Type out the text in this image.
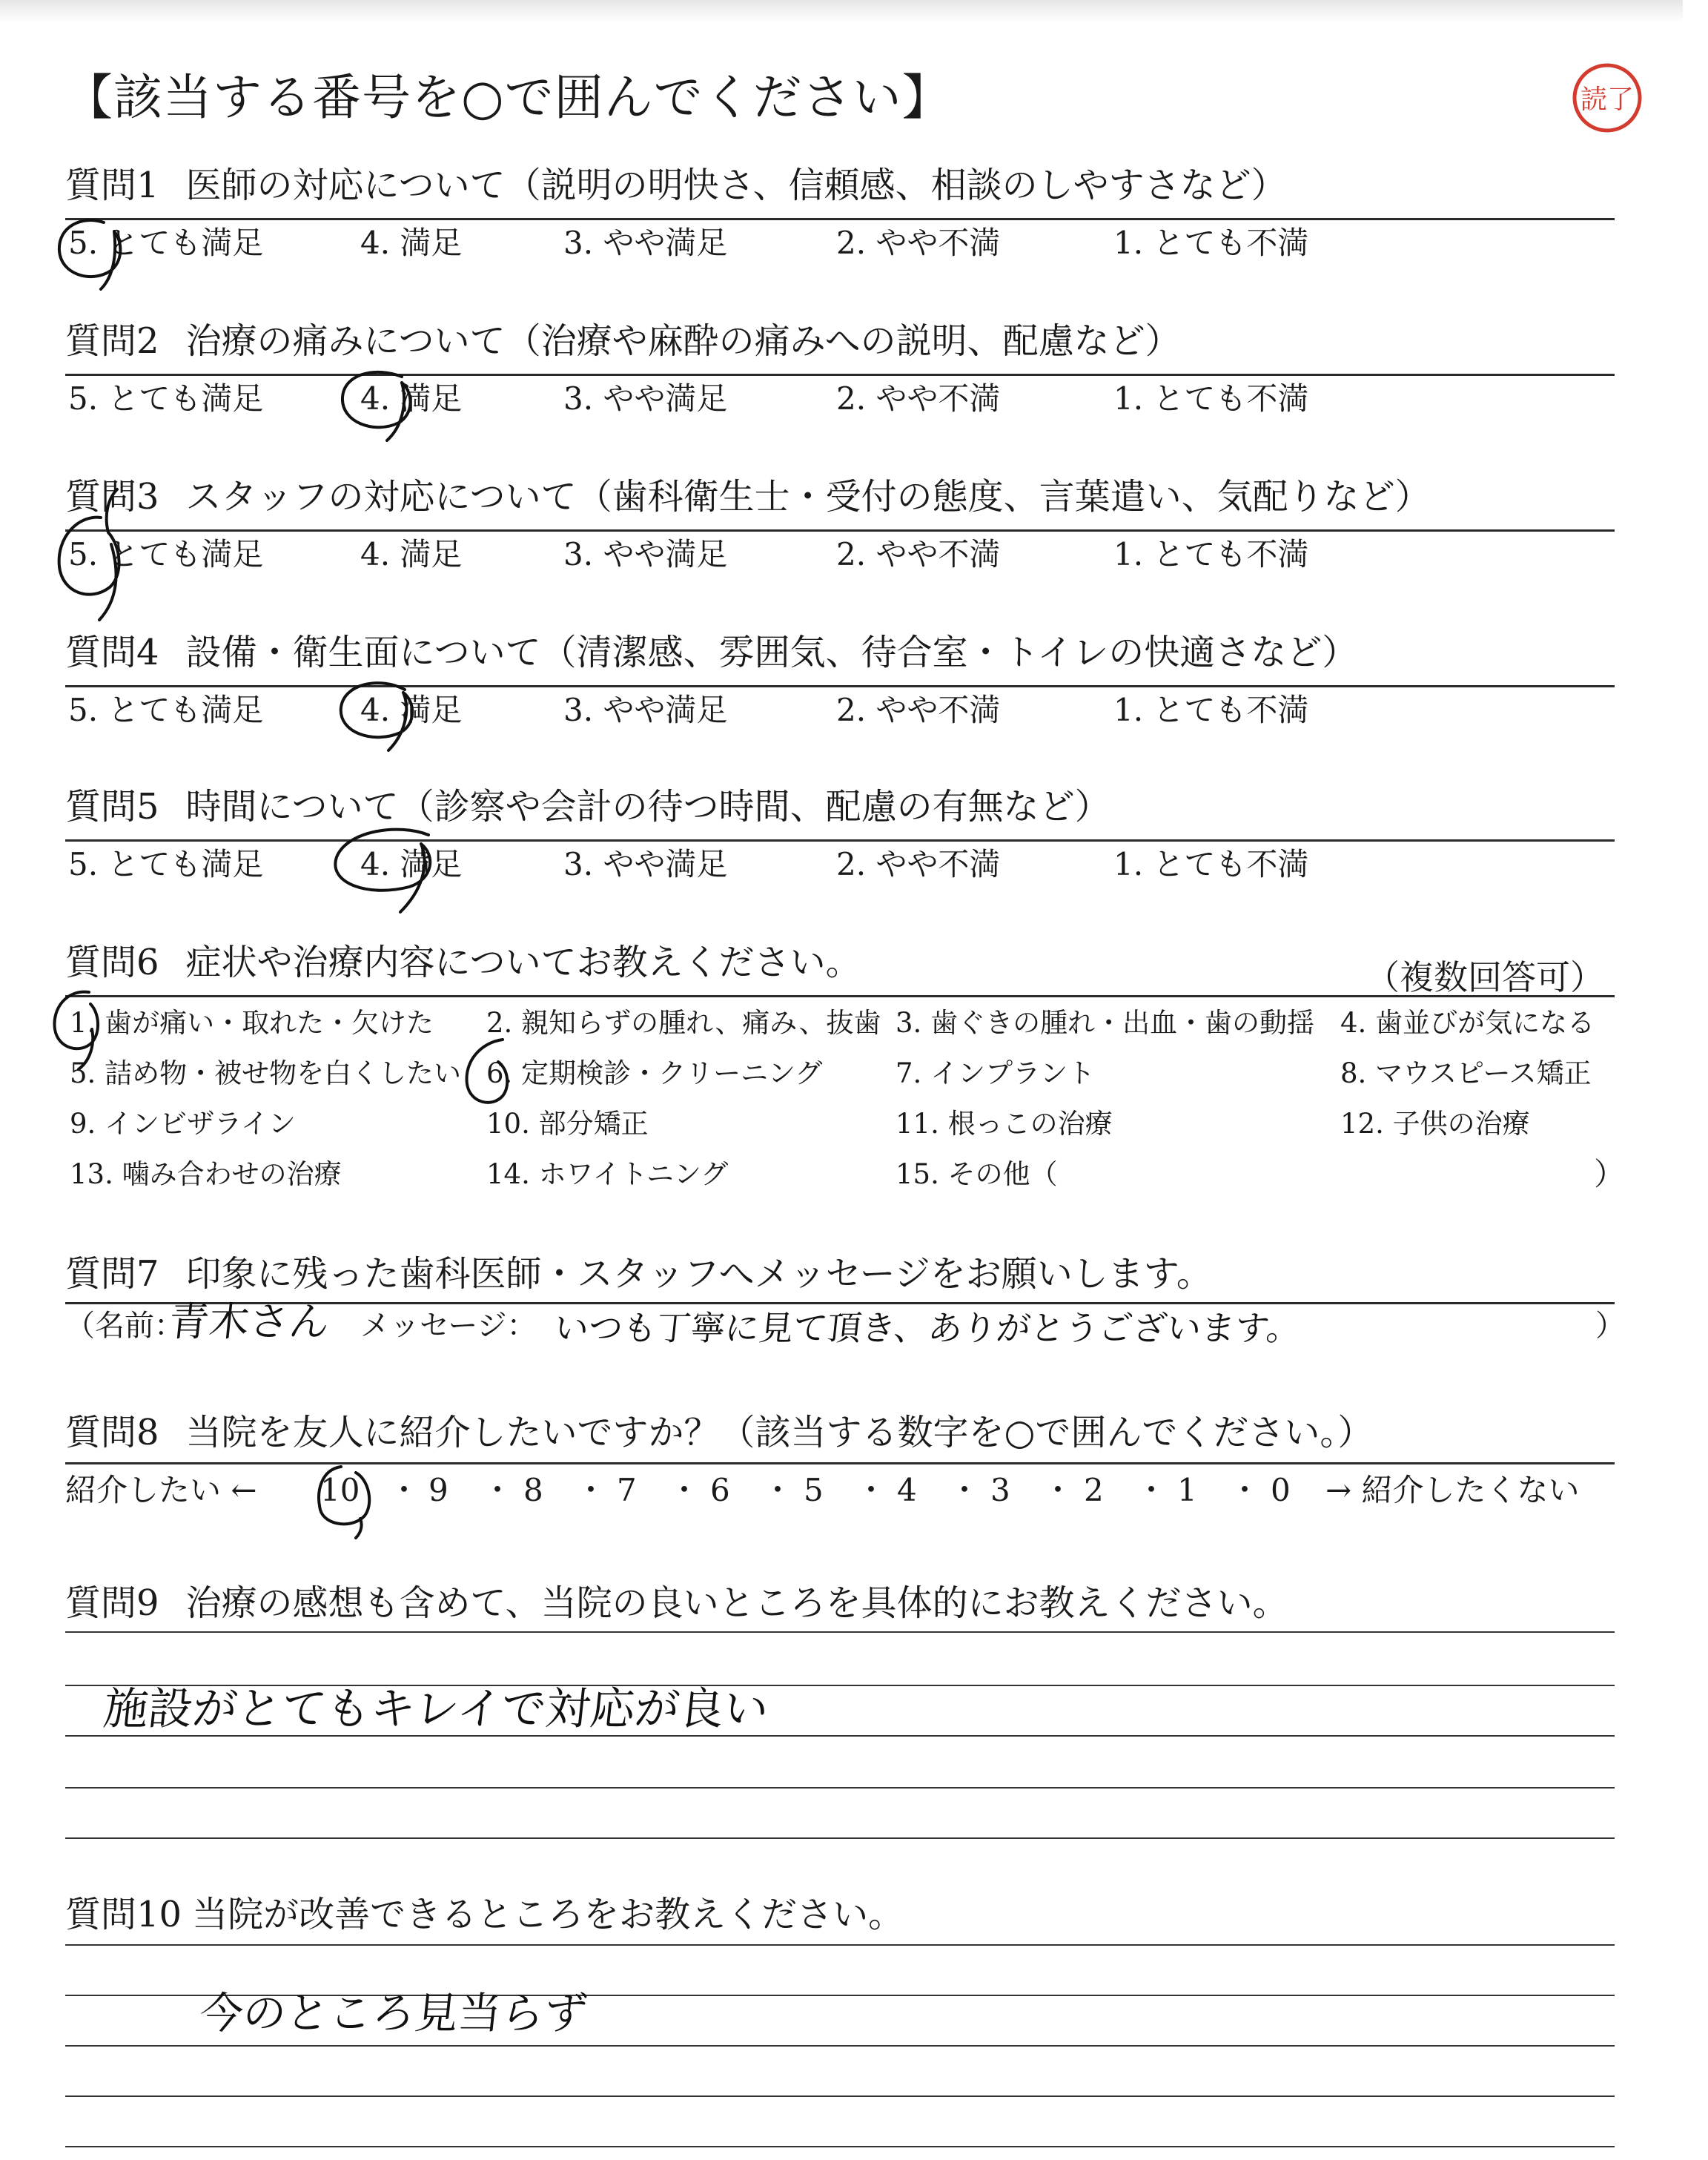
【該当する番号を○で囲んでください】	読了
質問1 医師の対応について（説明の明快さ、信頼感、相談のしやすさなど）
5. とても満足	4. 満足	3. やや満足	2. やや不満	1. とても不満
質問2 治療の痛みについて（治療や麻酔の痛みへの説明、配慮など）
5. とても満足	4. 満足	3. やや満足	2. やや不満	1. とても不満
質問3 スタッフの対応について（歯科衛生士・受付の態度、言葉遣い、気配りなど）
5. とても満足	4. 満足	3. やや満足	2. やや不満	1. とても不満
質問4 設備・衛生面について（清潔感、雰囲気、待合室・トイレの快適さなど）
5. とても満足	4. 満足	3. やや満足	2. やや不満	1. とても不満
質問5 時間について（診察や会計の待つ時間、配慮の有無など）
5. とても満足	4. 満足	3. やや満足	2. やや不満	1. とても不満
質問6 症状や治療内容についてお教えください。	（複数回答可）
1. 歯が痛い・取れた・欠けた 2. 親知らずの腫れ、痛み、抜歯 3. 歯ぐきの腫れ・出血・歯の動揺 4. 歯並びが気になる
5. 詰め物・被せ物を白くしたい 6. 定期検診・クリーニング	7. インプラント	8. マウスピース矯正
9. インビザライン	10. 部分矯正	11. 根っこの治療	12. 子供の治療
13. 噛み合わせの治療	14. ホワイトニング	15. その他（	）
質問7 印象に残った歯科医師・スタッフへメッセージをお願いします。
（名前：
青木さん メッセージ： いつも丁寧に見て頂き、ありがとうございます。	）
質問8 当院を友人に紹介したいですか？（該当する数字を○で囲んでください。）
紹介したい ← 10 ・ 9 ・ 8 ・ 7 ・ 6 ・ 5 ・ 4 ・ 3 ・ 2 ・ 1 ・ 0 → 紹介したくない
質問9 治療の感想も含めて、当院の良いところを具体的にお教えください。
施設がとてもキレイで対応が良い
質問10 当院が改善できるところをお教えください。
今のところ見当らず
